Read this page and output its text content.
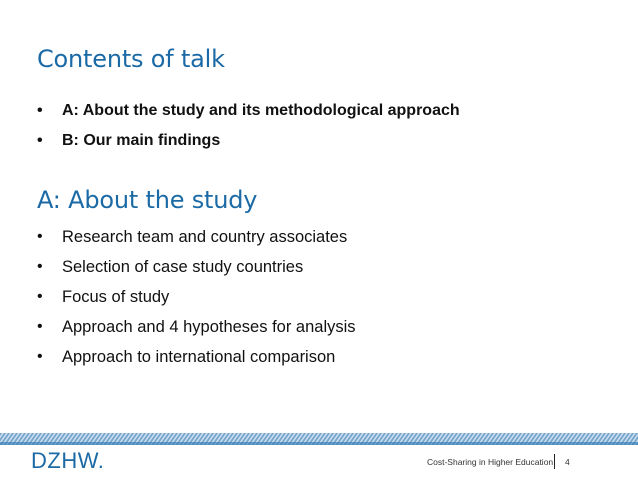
Contents of talk
• A: About the study and its methodological approach
• B: Our main findings
A: About the study
• Research team and country associates
• Selection of case study countries
• Focus of study
• Approach and 4 hypotheses for analysis
• Approach to international comparison
DZHW.	Cost-Sharing in Higher Education 4
